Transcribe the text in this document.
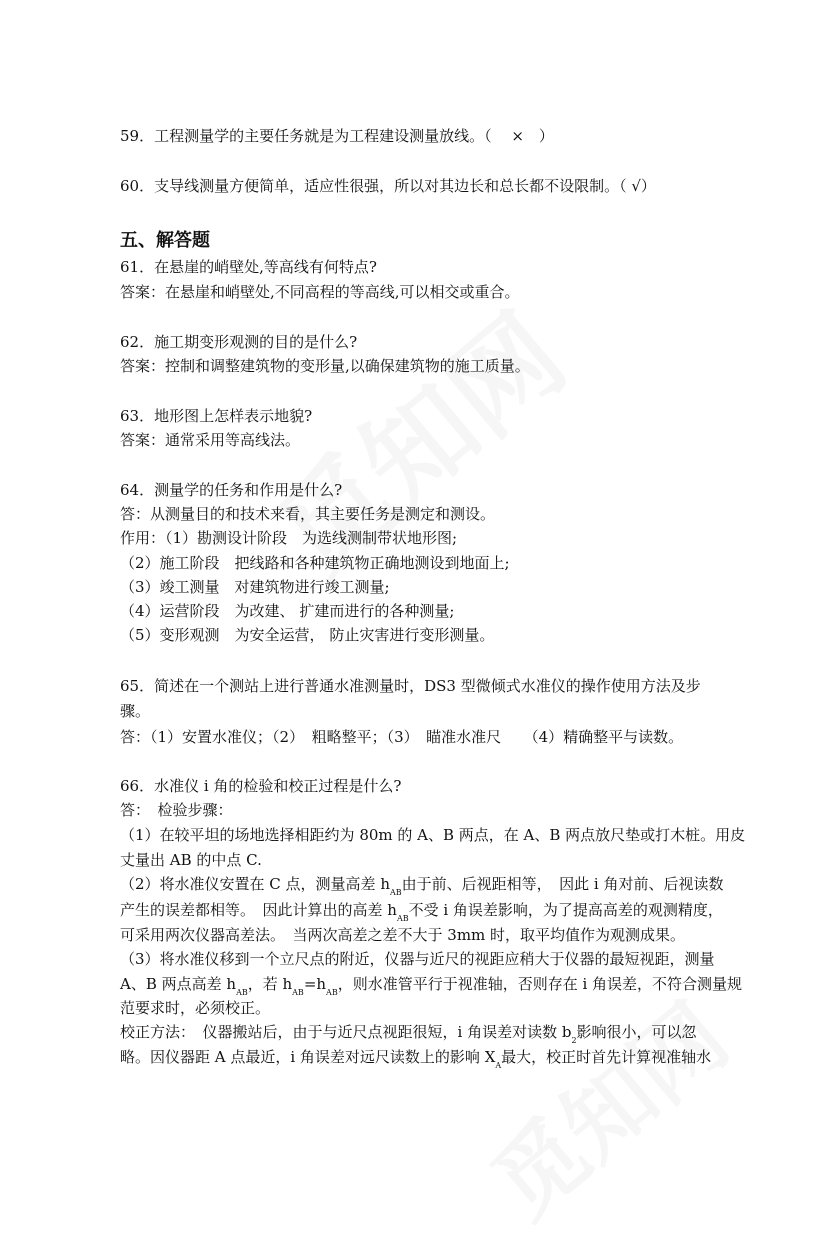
59．工程测量学的主要任务就是为工程建设测量放线。（　 ×　）
60．支导线测量方便简单，适应性很强，所以对其边长和总长都不设限制。（ √）
五、解答题
61．在悬崖的峭壁处,等高线有何特点?
答案：在悬崖和峭壁处,不同高程的等高线,可以相交或重合。
62．施工期变形观测的目的是什么?
答案：控制和调整建筑物的变形量,以确保建筑物的施工质量。
63．地形图上怎样表示地貌?
答案：通常采用等高线法。
64．测量学的任务和作用是什么?
答：从测量目的和技术来看，其主要任务是测定和测设。
作用：（1）勘测设计阶段　为选线测制带状地形图;
（2）施工阶段　把线路和各种建筑物正确地测设到地面上;
（3）竣工测量　对建筑物进行竣工测量;
（4）运营阶段　为改建、 扩建而进行的各种测量;
（5）变形观测　为安全运营， 防止灾害进行变形测量。
65．简述在一个测站上进行普通水准测量时，DS3 型微倾式水准仪的操作使用方法及步
骤。
答：（1）安置水准仪；（2）　粗略整平；（3）　瞄准水准尺　　（4）精确整平与读数。
66．水准仪 i 角的检验和校正过程是什么?
答：　检验步骤：
（1）在较平坦的场地选择相距约为 80m 的 A、B 两点，在 A、B 两点放尺垫或打木桩。用皮
丈量出 AB 的中点 C.
（2）将水准仪安置在 C 点，测量高差 $h_{AB}$由于前、后视距相等，　因此 i 角对前、后视读数
产生的误差都相等。　因此计算出的高差 $h_{AB}$不受 i 角误差影响，为了提高高差的观测精度，
可采用两次仪器高差法。　当两次高差之差不大于 3mm 时，取平均值作为观测成果。
（3）将水准仪移到一个立尺点的附近，仪器与近尺的视距应稍大于仪器的最短视距，测量
A、B 两点高差 $h_{AB}$，若 $h_{AB}=h_{AB}$，则水准管平行于视准轴，否则存在 i 角误差，不符合测量规
范要求时，必须校正。
校正方法：　仪器搬站后，由于与近尺点视距很短，i 角误差对读数 $b_2$影响很小，可以忽
略。因仪器距 A 点最近，i 角误差对远尺读数上的影响 $X_A$最大，校正时首先计算视准轴水
